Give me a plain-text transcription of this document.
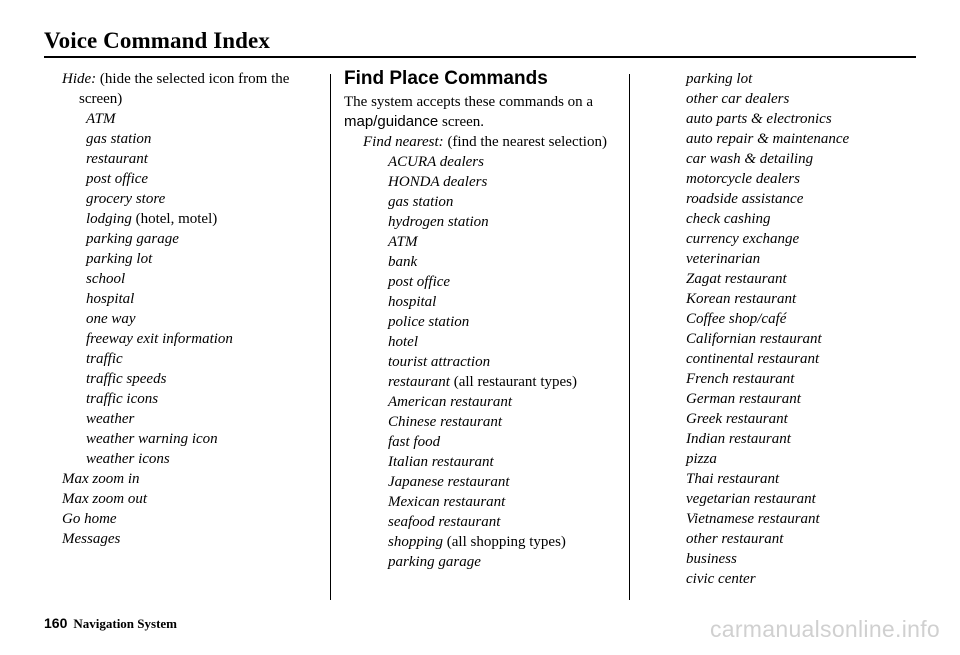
Voice Command Index
Hide: (hide the selected icon from the screen)
ATM
gas station
restaurant
post office
grocery store
lodging (hotel, motel)
parking garage
parking lot
school
hospital
one way
freeway exit information
traffic
traffic speeds
traffic icons
weather
weather warning icon
weather icons
Max zoom in
Max zoom out
Go home
Messages
Find Place Commands
The system accepts these commands on a map/guidance screen.
Find nearest: (find the nearest selection)
ACURA dealers
HONDA dealers
gas station
hydrogen station
ATM
bank
post office
hospital
police station
hotel
tourist attraction
restaurant (all restaurant types)
American restaurant
Chinese restaurant
fast food
Italian restaurant
Japanese restaurant
Mexican restaurant
seafood restaurant
shopping (all shopping types)
parking garage
parking lot
other car dealers
auto parts & electronics
auto repair & maintenance
car wash & detailing
motorcycle dealers
roadside assistance
check cashing
currency exchange
veterinarian
Zagat restaurant
Korean restaurant
Coffee shop/café
Californian restaurant
continental restaurant
French restaurant
German restaurant
Greek restaurant
Indian restaurant
pizza
Thai restaurant
vegetarian restaurant
Vietnamese restaurant
other restaurant
business
civic center
160 Navigation System	carmanualsonline.info
